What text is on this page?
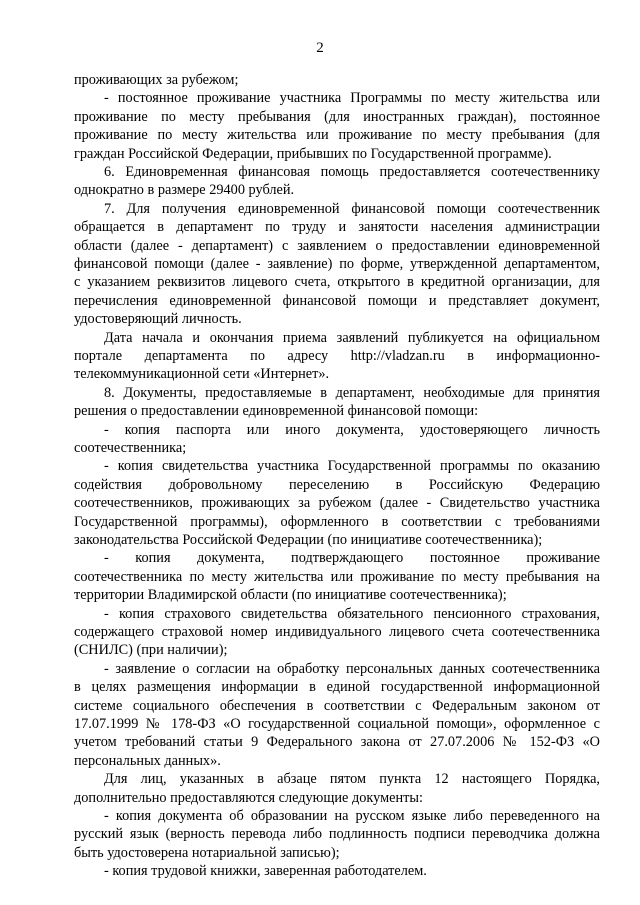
2
проживающих за рубежом;
- постоянное проживание участника Программы по месту жительства или
проживание по месту пребывания (для иностранных граждан), постоянное
проживание по месту жительства или проживание по месту пребывания (для
граждан Российской Федерации, прибывших по Государственной программе).
6. Единовременная финансовая помощь предоставляется соотечественнику
однократно в размере 29400 рублей.
7. Для получения единовременной финансовой помощи соотечественник
обращается в департамент по труду и занятости населения администрации
области (далее - департамент) с заявлением о предоставлении единовременной
финансовой помощи (далее - заявление) по форме, утвержденной департаментом,
с указанием реквизитов лицевого счета, открытого в кредитной организации, для
перечисления единовременной финансовой помощи и представляет документ,
удостоверяющий личность.
Дата начала и окончания приема заявлений публикуется на официальном
портале департамента по адресу http://vladzan.ru в информационно-
телекоммуникационной сети «Интернет».
8. Документы, предоставляемые в департамент, необходимые для принятия
решения о предоставлении единовременной финансовой помощи:
- копия паспорта или иного документа, удостоверяющего личность
соотечественника;
- копия свидетельства участника Государственной программы по оказанию
содействия добровольному переселению в Российскую Федерацию
соотечественников, проживающих за рубежом (далее - Свидетельство участника
Государственной программы), оформленного в соответствии с требованиями
законодательства Российской Федерации (по инициативе соотечественника);
- копия документа, подтверждающего постоянное проживание
соотечественника по месту жительства или проживание по месту пребывания на
территории Владимирской области (по инициативе соотечественника);
- копия страхового свидетельства обязательного пенсионного страхования,
содержащего страховой номер индивидуального лицевого счета соотечественника
(СНИЛС) (при наличии);
- заявление о согласии на обработку персональных данных соотечественника
в целях размещения информации в единой государственной информационной
системе социального обеспечения в соответствии с Федеральным законом от
17.07.1999 № 178-ФЗ «О государственной социальной помощи», оформленное с
учетом требований статьи 9 Федерального закона от 27.07.2006 № 152-ФЗ «О
персональных данных».
Для лиц, указанных в абзаце пятом пункта 12 настоящего Порядка,
дополнительно предоставляются следующие документы:
- копия документа об образовании на русском языке либо переведенного на
русский язык (верность перевода либо подлинность подписи переводчика должна
быть удостоверена нотариальной записью);
- копия трудовой книжки, заверенная работодателем.
